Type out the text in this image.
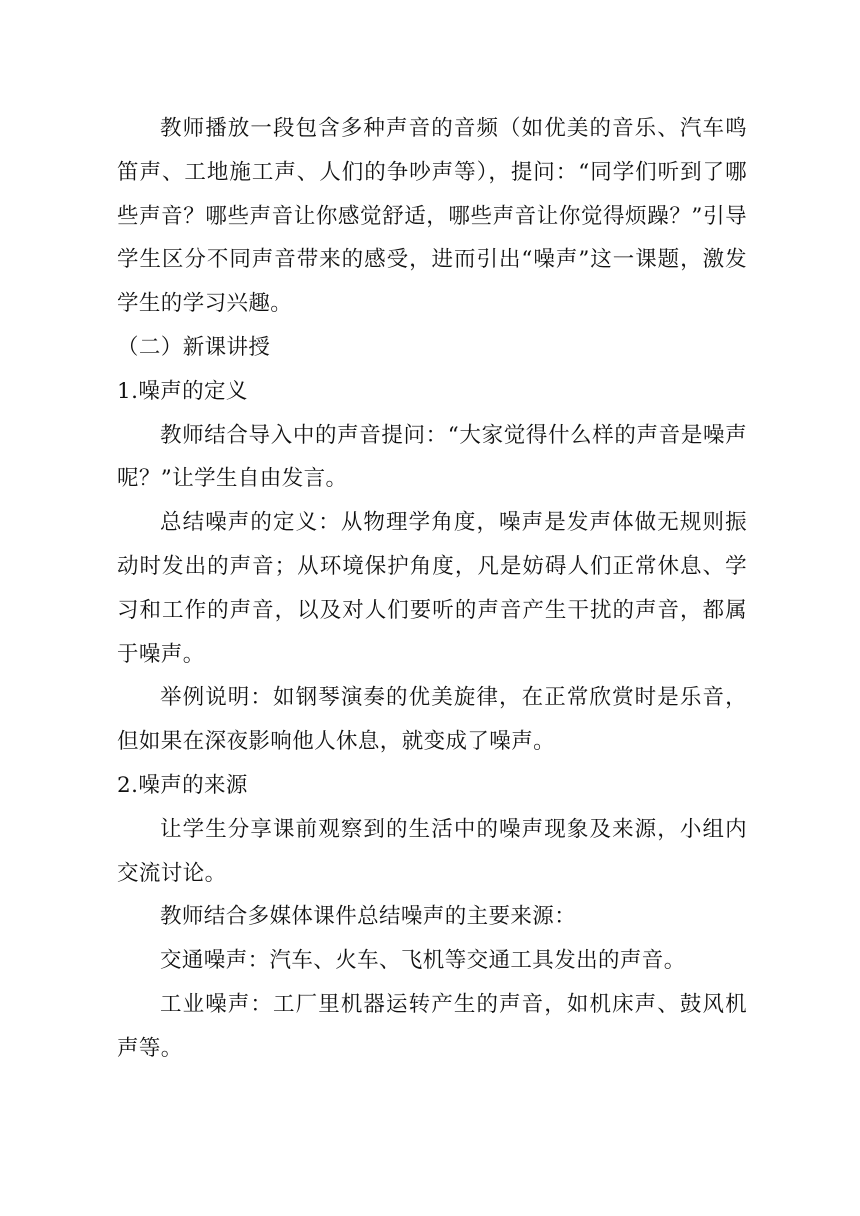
教师播放一段包含多种声音的音频（如优美的音乐、汽车鸣笛声、工地施工声、人们的争吵声等），提问：“同学们听到了哪些声音？哪些声音让你感觉舒适，哪些声音让你觉得烦躁？”引导学生区分不同声音带来的感受，进而引出“噪声”这一课题，激发学生的学习兴趣。

（二）新课讲授

1.噪声的定义

教师结合导入中的声音提问：“大家觉得什么样的声音是噪声呢？”让学生自由发言。

总结噪声的定义：从物理学角度，噪声是发声体做无规则振动时发出的声音；从环境保护角度，凡是妨碍人们正常休息、学习和工作的声音，以及对人们要听的声音产生干扰的声音，都属于噪声。

举例说明：如钢琴演奏的优美旋律，在正常欣赏时是乐音，但如果在深夜影响他人休息，就变成了噪声。

2.噪声的来源

让学生分享课前观察到的生活中的噪声现象及来源，小组内交流讨论。

教师结合多媒体课件总结噪声的主要来源：

交通噪声：汽车、火车、飞机等交通工具发出的声音。

工业噪声：工厂里机器运转产生的声音，如机床声、鼓风机声等。
